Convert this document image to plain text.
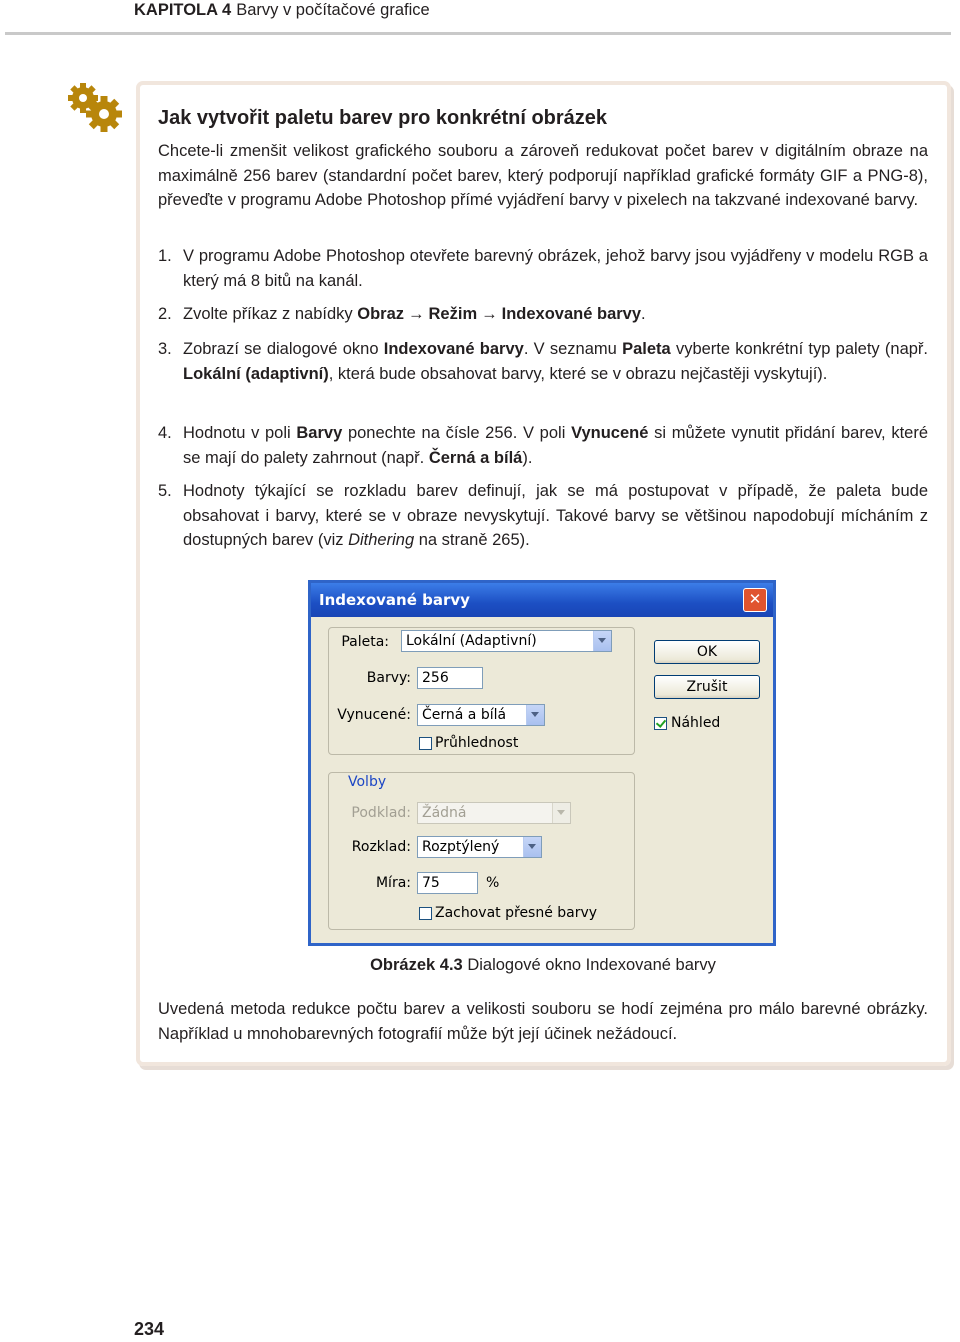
KAPITOLA 4 Barvy v počítačové grafice
Jak vytvořit paletu barev pro konkrétní obrázek
Chcete-li zmenšit velikost grafického souboru a zároveň redukovat počet barev v digitálním obraze na maximálně 256 barev (standardní počet barev, který podporují například grafické formáty GIF a PNG-8), převeďte v programu Adobe Photoshop přímé vyjádření barvy v pixelech na takzvané indexované barvy.
1. V programu Adobe Photoshop otevřete barevný obrázek, jehož barvy jsou vyjádřeny v modelu RGB a který má 8 bitů na kanál.
2. Zvolte příkaz z nabídky Obraz → Režim → Indexované barvy.
3. Zobrazí se dialogové okno Indexované barvy. V seznamu Paleta vyberte konkrétní typ palety (např. Lokální (adaptivní), která bude obsahovat barvy, které se v obrazu nejčastěji vyskytují).
4. Hodnotu v poli Barvy ponechte na čísle 256. V poli Vynucené si můžete vynutit přidání barev, které se mají do palety zahrnout (např. Černá a bílá).
5. Hodnoty týkající se rozkladu barev definují, jak se má postupovat v případě, že paleta bude obsahovat i barvy, které se v obraze nevyskytují. Takové barvy se většinou napodobují mícháním z dostupných barev (viz Dithering na straně 265).
Indexované barvy	✕
Paleta: Lokální (Adaptivní)
Barvy: 256
Vynucené: Černá a bílá
Průhlednost
OK
Zrušit
Náhled
Volby
Podklad: Žádná
Rozklad: Rozptýlený
Míra: 75	%
Zachovat přesné barvy
Obrázek 4.3 Dialogové okno Indexované barvy
Uvedená metoda redukce počtu barev a velikosti souboru se hodí zejména pro málo barevné obrázky. Například u mnohobarevných fotografií může být její účinek nežádoucí.
234
